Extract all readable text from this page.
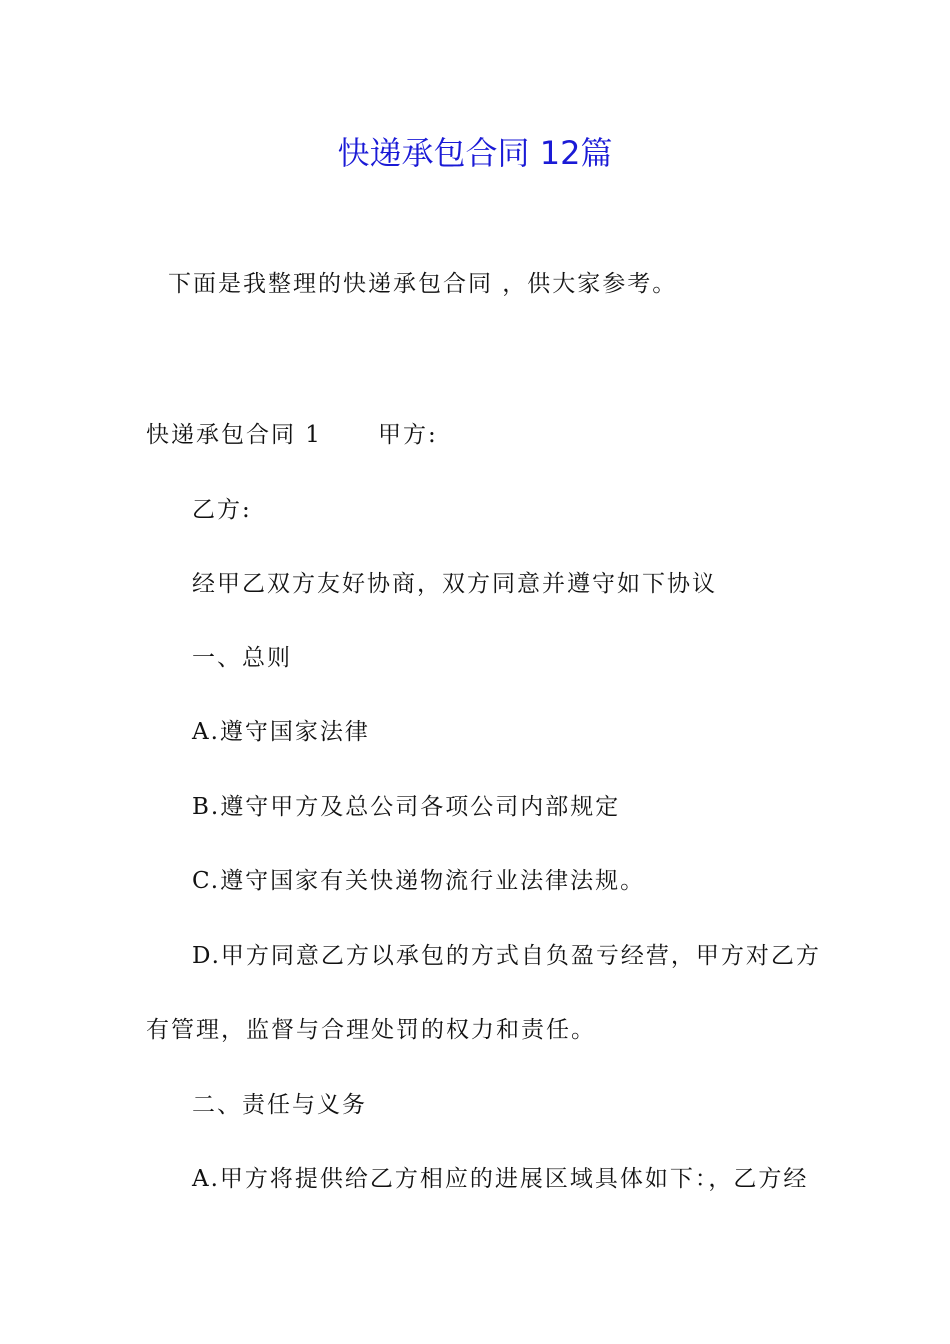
快递承包合同 12篇
下面是我整理的快递承包合同 ，供大家参考。
快递承包合同 1 甲方:
乙方:
经甲乙双方友好协商，双方同意并遵守如下协议
一、总则
A.遵守国家法律
B.遵守甲方及总公司各项公司内部规定
C.遵守国家有关快递物流行业法律法规。
D.甲方同意乙方以承包的方式自负盈亏经营，甲方对乙方
有管理，监督与合理处罚的权力和责任。
二、责任与义务
A.甲方将提供给乙方相应的进展区域具体如下：，乙方经
